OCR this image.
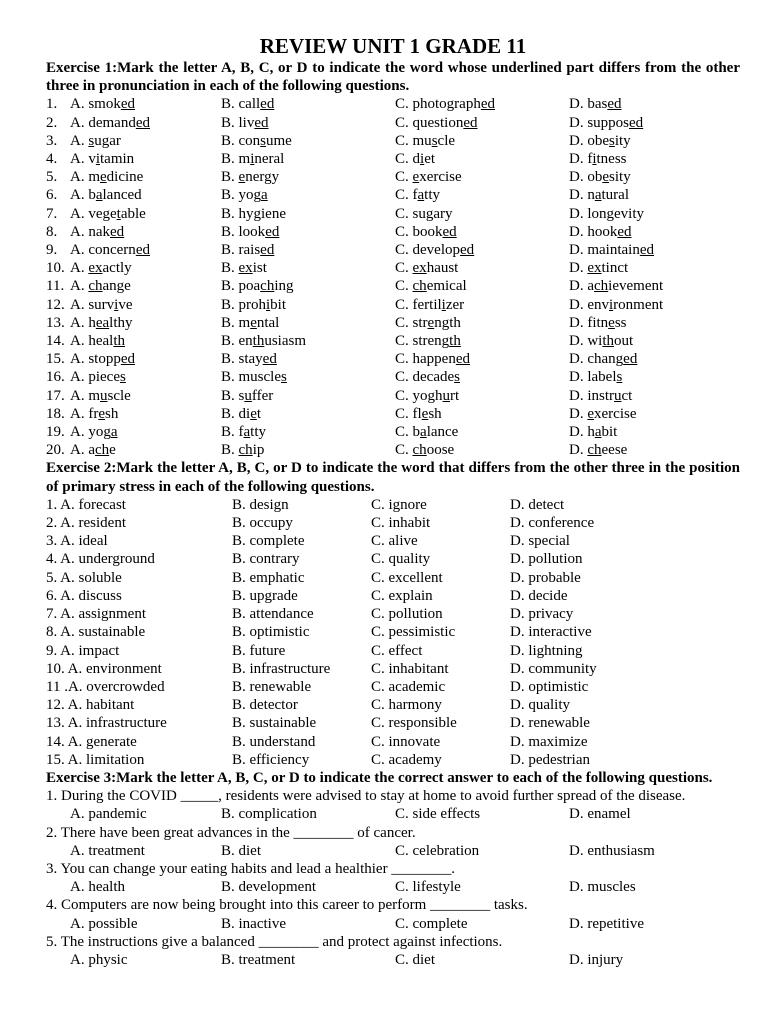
REVIEW UNIT 1 GRADE 11
Exercise 1:Mark the letter A, B, C, or D to indicate the word whose underlined part differs from the other three in pronunciation in each of the following questions.
1. A. smoked	B. called	C. photographed	D. based
2. A. demanded	B. lived	C. questioned	D. supposed
3. A. sugar	B. consume	C. muscle	D. obesity
4. A. vitamin	B. mineral	C. diet	D. fitness
5. A. medicine	B. energy	C. exercise	D. obesity
6. A. balanced	B. yoga	C. fatty	D. natural
7. A. vegetable	B. hygiene	C. sugary	D. longevity
8. A. naked	B. looked	C. booked	D. hooked
9. A. concerned	B. raised	C. developed	D. maintained
10. A. exactly	B. exist	C. exhaust	D. extinct
11. A. change	B. poaching	C. chemical	D. achievement
12. A. survive	B. prohibit	C. fertilizer	D. environment
13. A. healthy	B. mental	C. strength	D. fitness
14. A. health	B. enthusiasm	C. strength	D. without
15. A. stopped	B. stayed	C. happened	D. changed
16. A. pieces	B. muscles	C. decades	D. labels
17. A. muscle	B. suffer	C. yoghurt	D. instruct
18. A. fresh	B. diet	C. flesh	D. exercise
19. A. yoga	B. fatty	C. balance	D. habit
20. A. ache	B. chip	C. choose	D. cheese
Exercise 2:Mark the letter A, B, C, or D to indicate the word that differs from the other three in the position of primary stress in each of the following questions.
1. A. forecast	B. design	C. ignore	D. detect
2. A. resident	B. occupy	C. inhabit	D. conference
3. A. ideal	B. complete	C. alive	D. special
4. A. underground	B. contrary	C. quality	D. pollution
5. A. soluble	B. emphatic	C. excellent	D. probable
6. A. discuss	B. upgrade	C. explain	D. decide
7. A. assignment	B. attendance	C. pollution	D. privacy
8. A. sustainable	B. optimistic	C. pessimistic	D. interactive
9. A. impact	B. future	C. effect	D. lightning
10. A. environment	B. infrastructure	C. inhabitant	D. community
11 .A. overcrowded	B. renewable	C. academic	D. optimistic
12. A. habitant	B. detector	C. harmony	D. quality
13. A. infrastructure	B. sustainable	C. responsible	D. renewable
14. A. generate	B. understand	C. innovate	D. maximize
15. A. limitation	B. efficiency	C. academy	D. pedestrian
Exercise 3:Mark the letter A, B, C, or D to indicate the correct answer to each of the following questions.
1. During the COVID _____, residents were advised to stay at home to avoid further spread of the disease.
A. pandemic	B. complication	C. side effects	D. enamel
2. There have been great advances in the ________ of cancer.
A. treatment	B. diet	C. celebration	D. enthusiasm
3. You can change your eating habits and lead a healthier ________.
A. health	B. development	C. lifestyle	D. muscles
4. Computers are now being brought into this career to perform ________ tasks.
A. possible	B. inactive	C. complete	D. repetitive
5. The instructions give a balanced ________ and protect against infections.
A. physic	B. treatment	C. diet	D. injury
